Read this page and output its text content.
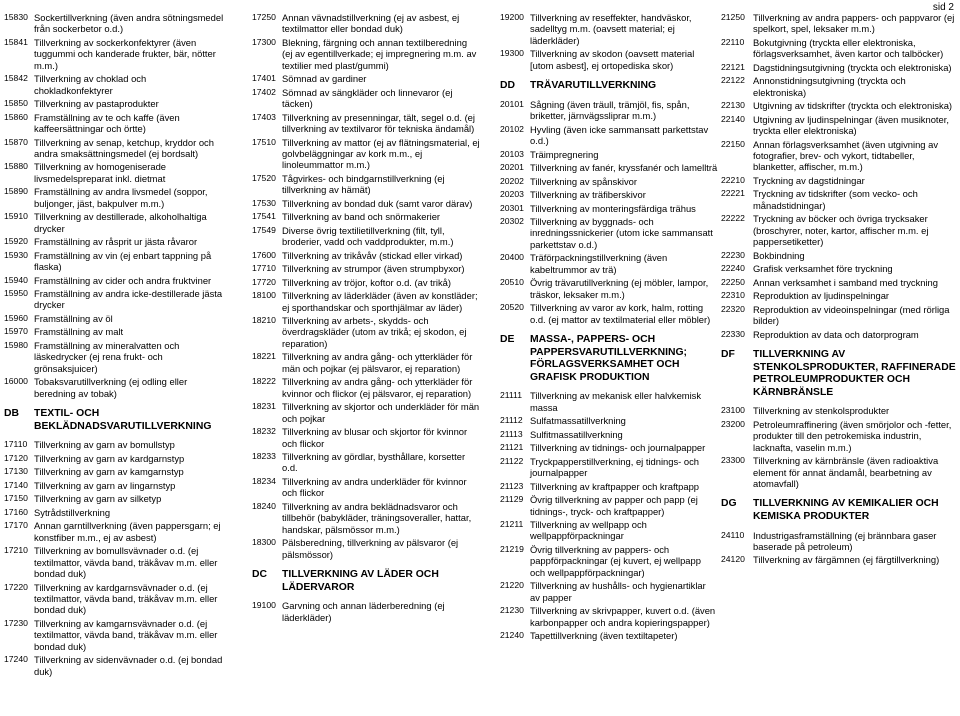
sid 2
15830 Sockertillverkning (även andra sötningsmedel från sockerbetor o.d.)
15841 Tillverkning av sockerkonfektyrer (även tuggummi och kanderade frukter, bär, nötter m.m.)
15842 Tillverkning av choklad och chokladkonfektyrer
15850 Tillverkning av pastaprodukter
15860 Framställning av te och kaffe (även kaffeersättningar och örtte)
15870 Tillverkning av senap, ketchup, kryddor och andra smaksättningsmedel (ej bordsalt)
15880 Tillverkning av homogeniserade livsmedelspreparat inkl. dietmat
15890 Framställning av andra livsmedel (soppor, buljonger, jäst, bakpulver m.m.)
15910 Tillverkning av destillerade, alkoholhaltiga drycker
15920 Framställning av råsprit ur jästa råvaror
15930 Framställning av vin (ej enbart tappning på flaska)
15940 Framställning av cider och andra fruktviner
15950 Framställning av andra icke-destillerade jästa drycker
15960 Framställning av öl
15970 Framställning av malt
15980 Framställning av mineralvatten och läskedrycker (ej rena frukt- och grönsaksjuicer)
16000 Tobaksvarutillverkning (ej odling eller beredning av tobak)
DB	TEXTIL- OCH BEKLÄDNADSVARUTILLVERKNING
17110 Tillverkning av garn av bomullstyp
17120 Tillverkning av garn av kardgarnstyp
17130 Tillverkning av garn av kamgarnstyp
17140 Tillverkning av garn av lingarnstyp
17150 Tillverkning av garn av silketyp
17160 Sytrådstillverkning
17170 Annan garntillverkning (även pappersgarn; ej konstfiber m.m., ej av asbest)
17210 Tillverkning av bomullsvävnader o.d. (ej textilmattor, vävda band, träkåvav m.m. eller bondad duk)
17220 Tillverkning av kardgarnsvävnader o.d. (ej textilmattor, vävda band, träkåvav m.m. eller bondad duk)
17230 Tillverkning av kamgarnsvävnader o.d. (ej textilmattor, vävda band, träkåvav m.m. eller bondad duk)
17240 Tillverkning av sidenvävnader o.d. (ej bondad duk)
17250 Annan vävnadstillverkning (ej av asbest, ej textilmattor eller bondad duk)
17300 Blekning, färgning och annan textilberedning (ej av egentillverkade; ej impregnering m.m. av textilier med plast/gummi)
17401 Sömnad av gardiner
17402 Sömnad av sängkläder och linnevaror (ej täcken)
17403 Tillverkning av presenningar, tält, segel o.d. (ej tillverkning av textilvaror för tekniska ändamål)
17510 Tillverkning av mattor (ej av flätningsmaterial, ej golvbeläggningar av kork m.m., ej linoleummattor m.m.)
17520 Tågvirkes- och bindgarnstillverkning (ej tillverkning av hämät)
17530 Tillverkning av bondad duk (samt varor därav)
17541 Tillverkning av band och snörmakerier
17549 Diverse övrig textilietillverkning (filt, tyll, broderier, vadd och vaddprodukter, m.m.)
17600 Tillverkning av trikåvåv (stickad eller virkad)
17710 Tillverkning av strumpor (även strumpbyxor)
17720 Tillverkning av tröjor, koftor o.d. (av trikå)
18100 Tillverkning av läderkläder (även av konstläder; ej sporthandskar och sporthjälmar av läder)
18210 Tillverkning av arbets-, skydds- och överdragskläder (utom av trikå; ej skodon, ej reparation)
18221 Tillverkning av andra gång- och ytterkläder för män och pojkar (ej pälsvaror, ej reparation)
18222 Tillverkning av andra gång- och ytterkläder för kvinnor och flickor (ej pälsvaror, ej reparation)
18231 Tillverkning av skjortor och underkläder för män och pojkar
18232 Tillverkning av blusar och skjortor för kvinnor och flickor
18233 Tillverkning av gördlar, bysthållare, korsetter o.d.
18234 Tillverkning av andra underkläder för kvinnor och flickor
18240 Tillverkning av andra beklädnadsvaror och tillbehör (babykläder, träningsoveraller, hattar, handskar, pälsmössor m.m.)
18300 Pälsberedning, tillverkning av pälsvaror (ej pälsmössor)
DC	TILLVERKNING AV LÄDER OCH LÄDERVAROR
19100 Garvning och annan läderberedning (ej läderkläder)
19200 Tillverkning av reseffekter, handväskor, sadelltyg m.m. (oavsett material; ej läderkläder)
19300 Tillverkning av skodon (oavsett material [utom asbest], ej ortopediska skor)
DD	TRÄVARUTILLVERKNING
20101 Sågning (även träull, trämjöl, fis, spån, briketter, järnvägssliprar m.m.)
20102 Hyvling (även icke sammansatt parkettstav o.d.)
20103 Träimpregnering
20201 Tillverkning av fanér, kryssfanér och lamellträ
20202 Tillverkning av spånskivor
20203 Tillverkning av träfiberskivor
20301 Tillverkning av monteringsfärdiga trähus
20302 Tillverkning av byggnads- och inredningssnickerier (utom icke sammansatt parkettstav o.d.)
20400 Träförpackningstillverkning (även kabeltrummor av trä)
20510 Övrig trävarutillverkning (ej möbler, lampor, träskor, leksaker m.m.)
20520 Tillverkning av varor av kork, halm, rotting o.d. (ej mattor av textilmaterial eller möbler)
DE	MASSA-, PAPPERS- OCH PAPPERSVARUTILLVERKNING; FÖRLAGSVERKSAMHET OCH GRAFISK PRODUKTION
21111 Tillverkning av mekanisk eller halvkemisk massa
21112 Sulfatmassatillverkning
21113 Sulfitmassatillverkning
21121 Tillverkning av tidnings- och journalpapper
21122 Tryckpapperstillverkning, ej tidnings- och journalpapper
21123 Tillverkning av kraftpapper och kraftpapp
21129 Övrig tillverkning av papper och papp (ej tidnings-, tryck- och kraftpapper)
21211 Tillverkning av wellpapp och wellpappförpackningar
21219 Övrig tillverkning av pappers- och pappförpackningar (ej kuvert, ej wellpapp och wellpappförpackningar)
21220 Tillverkning av hushålls- och hygienartiklar av papper
21230 Tillverkning av skrivpapper, kuvert o.d. (även karbonpapper och andra kopieringspapper)
21240 Tapettillverkning (även textiltapeter)
21250 Tillverkning av andra pappers- och pappvaror (ej spelkort, spel, leksaker m.m.)
22110 Bokutgivning (tryckta eller elektroniska, förlagsverksamhet, även kartor och talböcker)
22121 Dagstidningsutgivning (tryckta och elektroniska)
22122 Annonstidningsutgivning (tryckta och elektroniska)
22130 Utgivning av tidskrifter (tryckta och elektroniska)
22140 Utgivning av ljudinspelningar (även musiknoter, tryckta eller elektroniska)
22150 Annan förlagsverksamhet (även utgivning av fotografier, brev- och vykort, tidtabeller, blanketter, affischer, m.m.)
22210 Tryckning av dagstidningar
22221 Tryckning av tidskrifter (som vecko- och månadstidningar)
22222 Tryckning av böcker och övriga trycksaker (broschyrer, noter, kartor, affischer m.m. ej pappersetiketter)
22230 Bokbindning
22240 Grafisk verksamhet före tryckning
22250 Annan verksamhet i samband med tryckning
22310 Reproduktion av ljudinspelningar
22320 Reproduktion av videoinspelningar (med rörliga bilder)
22330 Reproduktion av data och datorprogram
DF	TILLVERKNING AV STENKOLSPRODUKTER, RAFFINERADE PETROLEUMPRODUKTER OCH KÄRNBRÄNSLE
23100 Tillverkning av stenkolsprodukter
23200 Petroleumraffinering (även smörjolor och -fetter, produkter till den petrokemiska industrin, lacknafta, vaselin m.m.)
23300 Tillverkning av kärnbränsle (även radioaktiva element för annat ändamål, bearbetning av atomavfall)
DG	TILLVERKNING AV KEMIKALIER OCH KEMISKA PRODUKTER
24110 Industrigasframställning (ej brännbara gaser baserade på petroleum)
24120 Tillverkning av färgämnen (ej färgtillverkning)
